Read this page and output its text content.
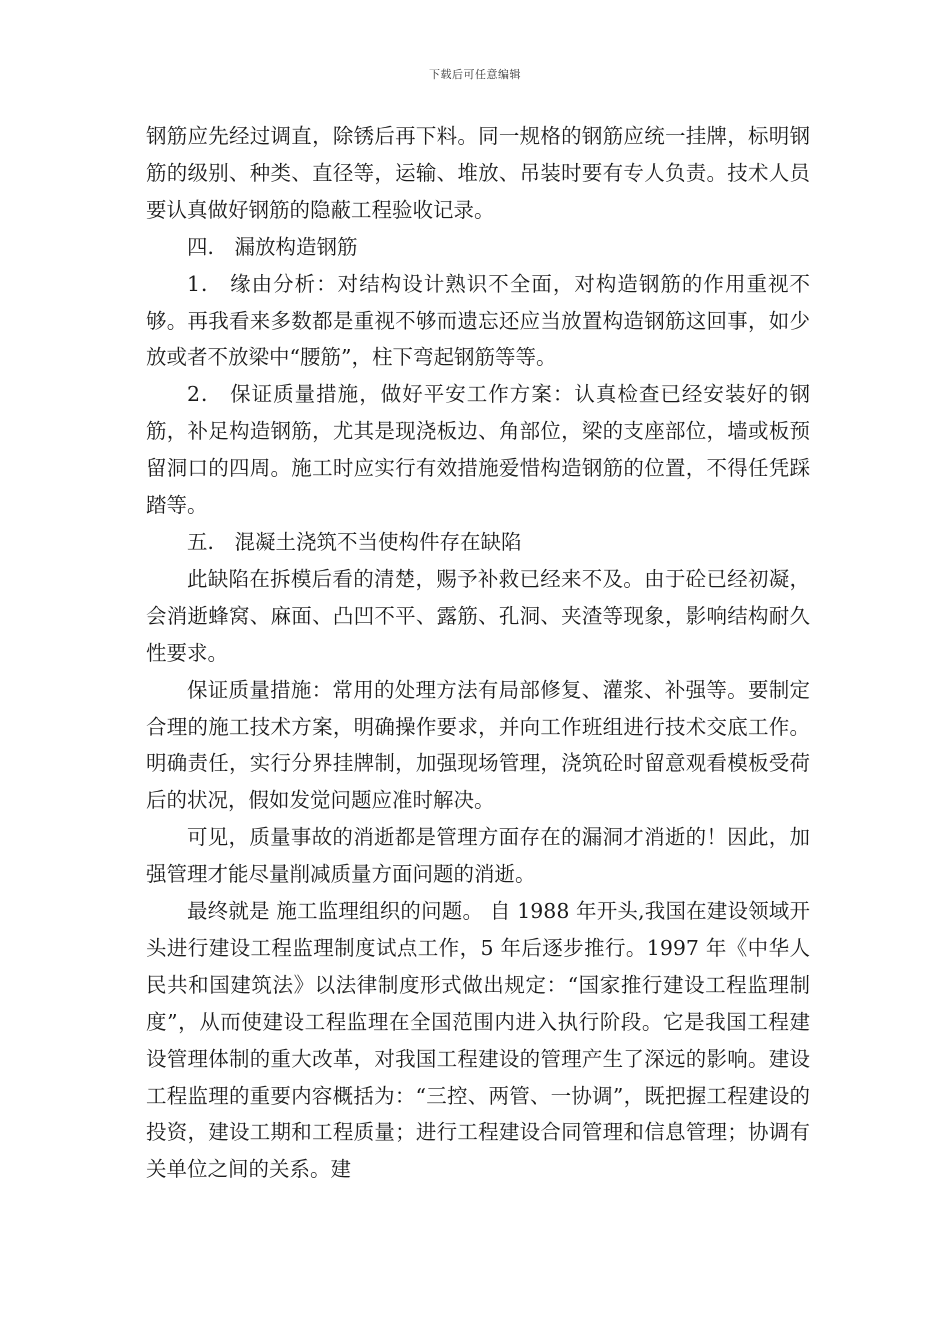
下载后可任意编辑

钢筋应先经过调直，除锈后再下料。同一规格的钢筋应统一挂牌，标明钢筋的级别、种类、直径等，运输、堆放、吊装时要有专人负责。技术人员要认真做好钢筋的隐蔽工程验收记录。

四． 漏放构造钢筋

1． 缘由分析：对结构设计熟识不全面，对构造钢筋的作用重视不够。再我看来多数都是重视不够而遗忘还应当放置构造钢筋这回事，如少放或者不放梁中“腰筋”，柱下弯起钢筋等等。

2． 保证质量措施，做好平安工作方案：认真检查已经安装好的钢筋，补足构造钢筋，尤其是现浇板边、角部位，梁的支座部位，墙或板预留洞口的四周。施工时应实行有效措施爱惜构造钢筋的位置，不得任凭踩踏等。

五． 混凝土浇筑不当使构件存在缺陷

此缺陷在拆模后看的清楚，赐予补救已经来不及。由于砼已经初凝，会消逝蜂窝、麻面、凸凹不平、露筋、孔洞、夹渣等现象，影响结构耐久性要求。

保证质量措施：常用的处理方法有局部修复、灌浆、补强等。要制定合理的施工技术方案，明确操作要求，并向工作班组进行技术交底工作。明确责任，实行分界挂牌制，加强现场管理，浇筑砼时留意观看模板受荷后的状况，假如发觉问题应准时解决。

可见，质量事故的消逝都是管理方面存在的漏洞才消逝的！因此，加强管理才能尽量削减质量方面问题的消逝。

最终就是 施工监理组织的问题。 自 1988 年开头,我国在建设领域开头进行建设工程监理制度试点工作，5 年后逐步推行。1997 年《中华人民共和国建筑法》以法律制度形式做出规定：“国家推行建设工程监理制度”，从而使建设工程监理在全国范围内进入执行阶段。它是我国工程建设管理体制的重大改革，对我国工程建设的管理产生了深远的影响。建设工程监理的重要内容概括为：“三控、两管、一协调”，既把握工程建设的投资，建设工期和工程质量；进行工程建设合同管理和信息管理；协调有关单位之间的关系。建
